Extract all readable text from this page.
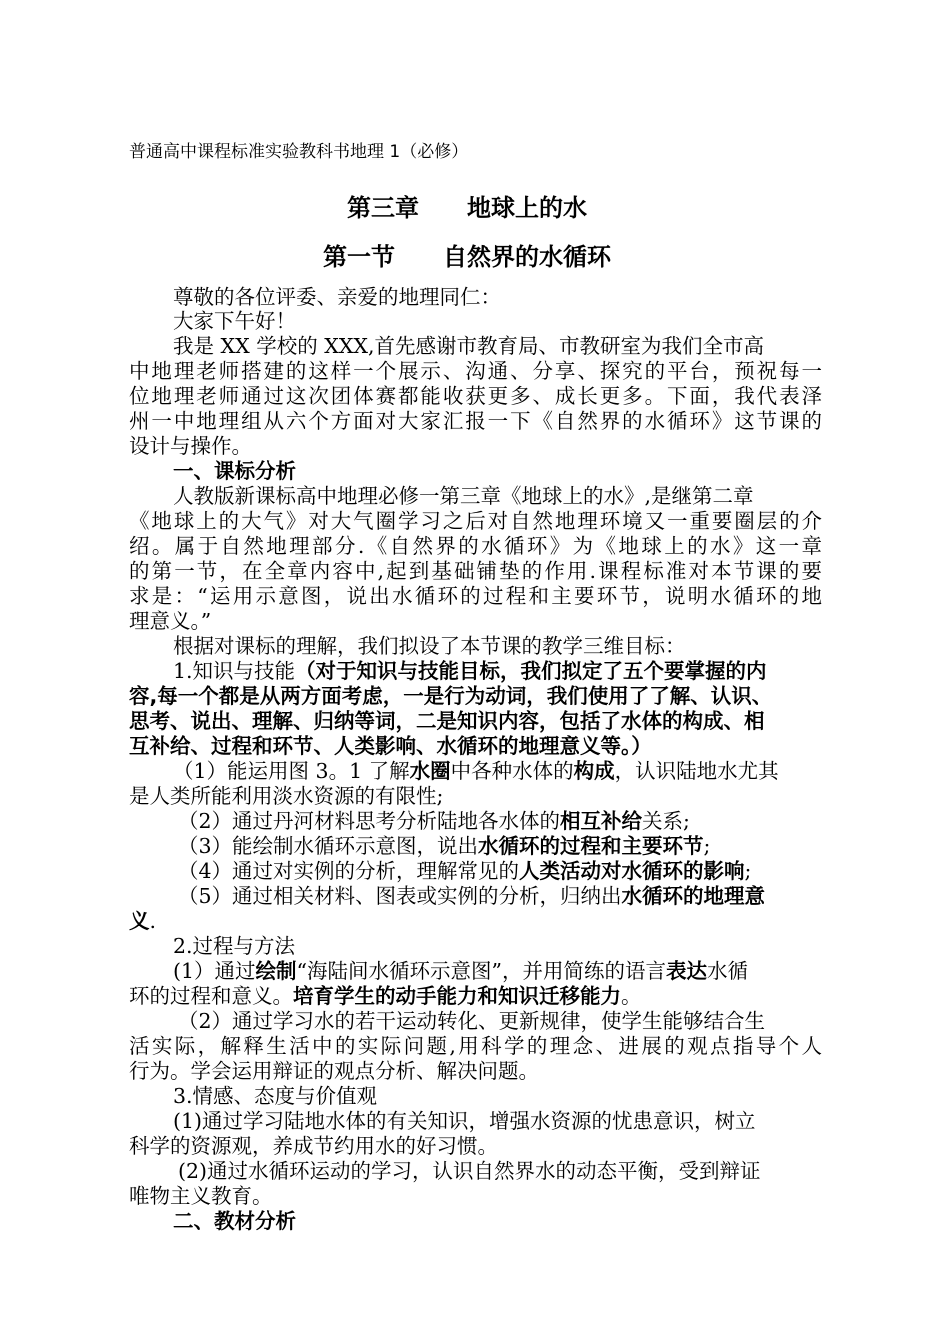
普通高中课程标准实验教科书地理 1（必修）
第三章 地球上的水
第一节 自然界的水循环
尊敬的各位评委、亲爱的地理同仁：
大家下午好！
我是 XX 学校的 XXX,首先感谢市教育局、市教研室为我们全市高
中地理老师搭建的这样一个展示、沟通、分享、探究的平台，预祝每一
位地理老师通过这次团体赛都能收获更多、成长更多。下面，我代表泽
州一中地理组从六个方面对大家汇报一下《自然界的水循环》这节课的
设计与操作。
一、课标分析
人教版新课标高中地理必修一第三章《地球上的水》,是继第二章
《地球上的大气》对大气圈学习之后对自然地理环境又一重要圈层的介
绍。属于自然地理部分.《自然界的水循环》为《地球上的水》这一章
的第一节，在全章内容中,起到基础铺垫的作用.课程标准对本节课的要
求是：“运用示意图，说出水循环的过程和主要环节，说明水循环的地
理意义。”
根据对课标的理解，我们拟设了本节课的教学三维目标：
1.知识与技能（对于知识与技能目标，我们拟定了五个要掌握的内
容,每一个都是从两方面考虑，一是行为动词，我们使用了了解、认识、
思考、说出、理解、归纳等词，二是知识内容，包括了水体的构成、相
互补给、过程和环节、人类影响、水循环的地理意义等。）
（1）能运用图 3。1 了解水圈中各种水体的构成，认识陆地水尤其
是人类所能利用淡水资源的有限性;
（2）通过丹河材料思考分析陆地各水体的相互补给关系;
（3）能绘制水循环示意图，说出水循环的过程和主要环节;
（4）通过对实例的分析，理解常见的人类活动对水循环的影响;
（5）通过相关材料、图表或实例的分析，归纳出水循环的地理意
义.
2.过程与方法
(1）通过绘制“海陆间水循环示意图”，并用简练的语言表达水循
环的过程和意义。培育学生的动手能力和知识迁移能力。
（2）通过学习水的若干运动转化、更新规律，使学生能够结合生
活实际，解释生活中的实际问题,用科学的理念、进展的观点指导个人
行为。学会运用辩证的观点分析、解决问题。
3.情感、态度与价值观
(1)通过学习陆地水体的有关知识，增强水资源的忧患意识，树立
科学的资源观，养成节约用水的好习惯。
(2)通过水循环运动的学习，认识自然界水的动态平衡，受到辩证
唯物主义教育。
二、教材分析
